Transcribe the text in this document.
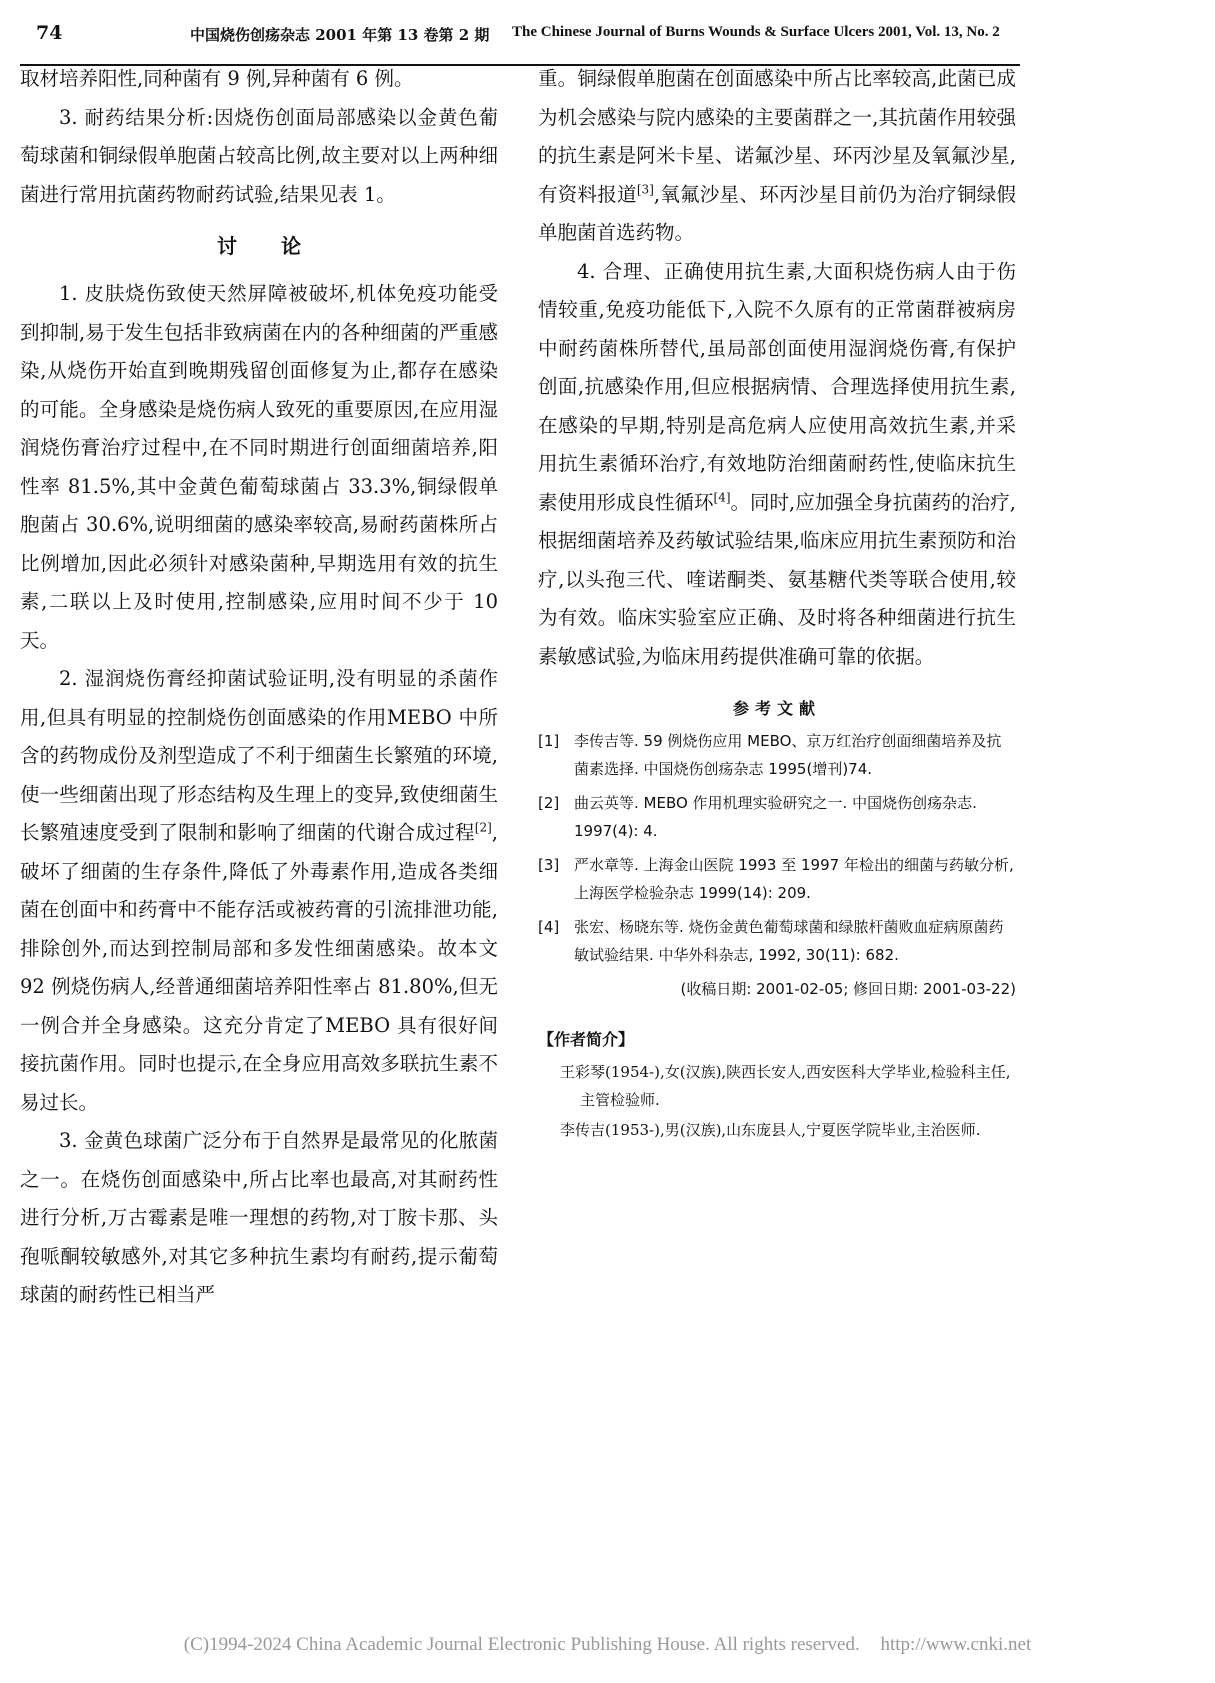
74	中国烧伤创疡杂志 2001 年第 13 卷第 2 期 The Chinese Journal of Burns Wounds & Surface Ulcers 2001, Vol. 13, No. 2

取材培养阳性,同种菌有 9 例,异种菌有 6 例。

3. 耐药结果分析:因烧伤创面局部感染以金黄色葡萄球菌和铜绿假单胞菌占较高比例,故主要对以上两种细菌进行常用抗菌药物耐药试验,结果见表 1。

讨论

1. 皮肤烧伤致使天然屏障被破坏,机体免疫功能受到抑制,易于发生包括非致病菌在内的各种细菌的严重感染,从烧伤开始直到晚期残留创面修复为止,都存在感染的可能。全身感染是烧伤病人致死的重要原因,在应用湿润烧伤膏治疗过程中,在不同时期进行创面细菌培养,阳性率 81.5%,其中金黄色葡萄球菌占 33.3%,铜绿假单胞菌占 30.6%,说明细菌的感染率较高,易耐药菌株所占比例增加,因此必须针对感染菌种,早期选用有效的抗生素,二联以上及时使用,控制感染,应用时间不少于 10 天。

2. 湿润烧伤膏经抑菌试验证明,没有明显的杀菌作用,但具有明显的控制烧伤创面感染的作用MEBO 中所含的药物成份及剂型造成了不利于细菌生长繁殖的环境,使一些细菌出现了形态结构及生理上的变异,致使细菌生长繁殖速度受到了限制和影响了细菌的代谢合成过程[2],破坏了细菌的生存条件,降低了外毒素作用,造成各类细菌在创面中和药膏中不能存活或被药膏的引流排泄功能,排除创外,而达到控制局部和多发性细菌感染。故本文 92 例烧伤病人,经普通细菌培养阳性率占 81.80%,但无一例合并全身感染。这充分肯定了MEBO 具有很好间接抗菌作用。同时也提示,在全身应用高效多联抗生素不易过长。

3. 金黄色球菌广泛分布于自然界是最常见的化脓菌之一。在烧伤创面感染中,所占比率也最高,对其耐药性进行分析,万古霉素是唯一理想的药物,对丁胺卡那、头孢哌酮较敏感外,对其它多种抗生素均有耐药,提示葡萄球菌的耐药性已相当严

重。铜绿假单胞菌在创面感染中所占比率较高,此菌已成为机会感染与院内感染的主要菌群之一,其抗菌作用较强的抗生素是阿米卡星、诺氟沙星、环丙沙星及氧氟沙星,有资料报道[3],氧氟沙星、环丙沙星目前仍为治疗铜绿假单胞菌首选药物。

4. 合理、正确使用抗生素,大面积烧伤病人由于伤情较重,免疫功能低下,入院不久原有的正常菌群被病房中耐药菌株所替代,虽局部创面使用湿润烧伤膏,有保护创面,抗感染作用,但应根据病情、合理选择使用抗生素,在感染的早期,特别是高危病人应使用高效抗生素,并采用抗生素循环治疗,有效地防治细菌耐药性,使临床抗生素使用形成良性循环[4]。同时,应加强全身抗菌药的治疗,根据细菌培养及药敏试验结果,临床应用抗生素预防和治疗,以头孢三代、喹诺酮类、氨基糖代类等联合使用,较为有效。临床实验室应正确、及时将各种细菌进行抗生素敏感试验,为临床用药提供准确可靠的依据。

参考文献
[1] 李传吉等. 59 例烧伤应用 MEBO、京万红治疗创面细菌培养及抗菌素选择. 中国烧伤创疡杂志 1995(增刊)74.
[2] 曲云英等. MEBO 作用机理实验研究之一. 中国烧伤创疡杂志. 1997(4): 4.
[3] 严水章等. 上海金山医院 1993 至 1997 年检出的细菌与药敏分析, 上海医学检验杂志 1999(14): 209.
[4] 张宏、杨晓东等. 烧伤金黄色葡萄球菌和绿脓杆菌败血症病原菌药敏试验结果. 中华外科杂志, 1992, 30(11): 682.
(收稿日期: 2001-02-05; 修回日期: 2001-03-22)
【作者简介】
王彩琴(1954-),女(汉族),陕西长安人,西安医科大学毕业,检验科主任,主管检验师.
李传吉(1953-),男(汉族),山东庞县人,宁夏医学院毕业,主治医师.
(C)1994-2024 China Academic Journal Electronic Publishing House. All rights reserved. http://www.cnki.net
